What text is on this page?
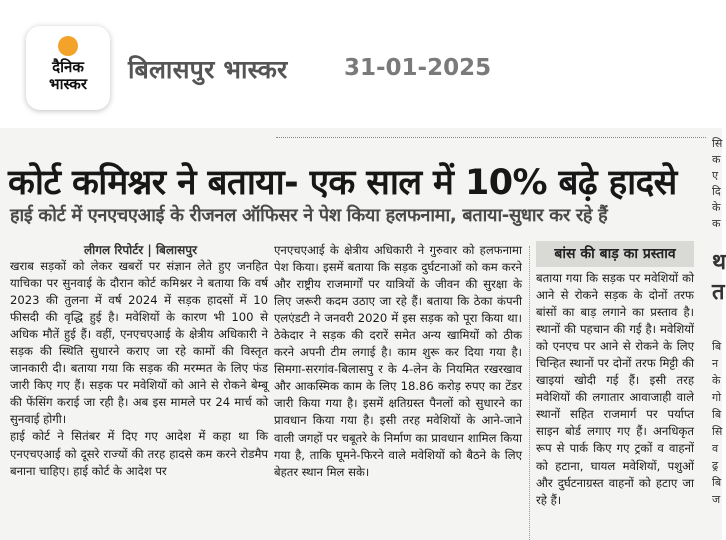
दैनिक
भास्कर	बिलासपुर भास्कर 31-01-2025
कोर्ट कमिश्नर ने बताया- एक साल में 10% बढ़े हादसे
हाई कोर्ट में एनएचएआई के रीजनल ऑफिसर ने पेश किया हलफनामा, बताया-सुधार कर रहे हैं
लीगल रिपोर्टर | बिलासपुर

खराब सड़कों को लेकर खबरों पर संज्ञान लेते हुए जनहित याचिका पर सुनवाई के दौरान कोर्ट कमिश्नर ने बताया कि वर्ष 2023 की तुलना में वर्ष 2024 में सड़क हादसों में 10 फीसदी की वृद्धि हुई है। मवेशियों के कारण भी 100 से अधिक मौतें हुई हैं। वहीं, एनएचएआई के क्षेत्रीय अधिकारी ने सड़क की स्थिति सुधारने कराए जा रहे कामों की विस्तृत जानकारी दी। बताया गया कि सड़क की मरम्मत के लिए फंड जारी किए गए हैं। सड़क पर मवेशियों को आने से रोकने बेम्बू की फेंसिंग कराई जा रही है। अब इस मामले पर 24 मार्च को सुनवाई होगी।

हाई कोर्ट ने सितंबर में दिए गए आदेश में कहा था कि एनएचएआई को दूसरे राज्यों की तरह हादसे कम करने रोडमैप बनाना चाहिए। हाई कोर्ट के आदेश पर

एनएचएआई के क्षेत्रीय अधिकारी ने गुरुवार को हलफनामा पेश किया। इसमें बताया कि सड़क दुर्घटनाओं को कम करने और राष्ट्रीय राजमार्गों पर यात्रियों के जीवन की सुरक्षा के लिए जरूरी कदम उठाए जा रहे हैं। बताया कि ठेका कंपनी एलएंडटी ने जनवरी 2020 में इस सड़क को पूरा किया था। ठेकेदार ने सड़क की दरारें समेत अन्य खामियों को ठीक करने अपनी टीम लगाई है। काम शुरू कर दिया गया है। सिमगा-सरगांव-बिलासपु र के 4-लेन के नियमित रखरखाव और आकस्मिक काम के लिए 18.86 करोड़ रुपए का टेंडर जारी किया गया है। इसमें क्षतिग्रस्त पैनलों को सुधारने का प्रावधान किया गया है। इसी तरह मवेशियों के आने-जाने वाली जगहों पर चबूतरे के निर्माण का प्रावधान शामिल किया गया है, ताकि घूमने-फिरने वाले मवेशियों को बैठने के लिए बेहतर स्थान मिल सके।

बांस की बाड़ का प्रस्ताव

बताया गया कि सड़क पर मवेशियों को आने से रोकने सड़क के दोनों तरफ बांसों का बाड़ लगाने का प्रस्ताव है। स्थानों की पहचान की गई है। मवेशियों को एनएच पर आने से रोकने के लिए चिन्हित स्थानों पर दोनों तरफ मिट्टी की खाइयां खोदी गई हैं। इसी तरह मवेशियों की लगातार आवाजाही वाले स्थानों सहित राजमार्ग पर पर्याप्त साइन बोर्ड लगाए गए हैं। अनधिकृत रूप से पार्क किए गए ट्रकों व वाहनों को हटाना, घायल मवेशियों, पशुओं और दुर्घटनाग्रस्त वाहनों को हटाए जा रहे हैं।

सि
क
ए
दि
के
क
थ
त
बि
न
के
गो
बि
सि
व
ढ्र
बि
ज
